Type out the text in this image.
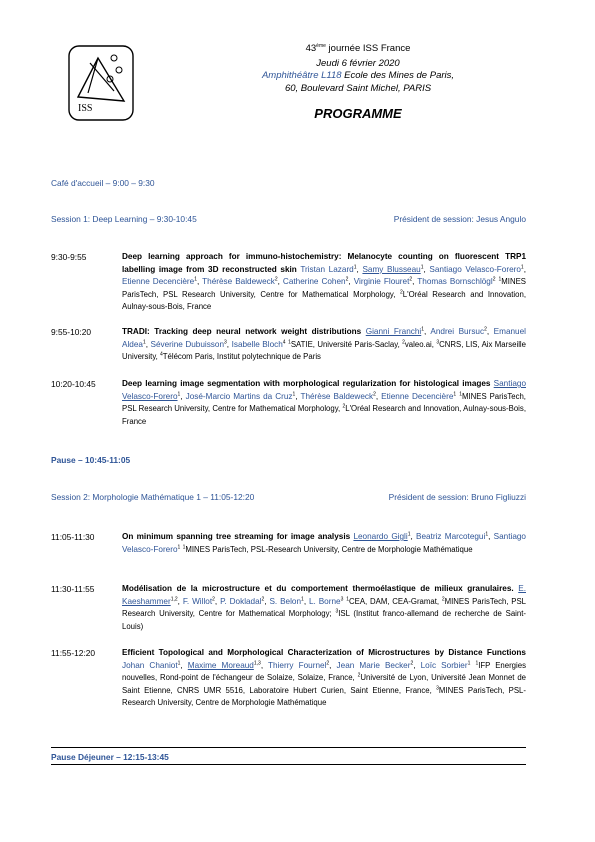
ISS
43ème journée ISS France
Jeudi 6 février 2020
Amphithéâtre L118 Ecole des Mines de Paris,
60, Boulevard Saint Michel, PARIS
PROGRAMME
Café d'accueil – 9:00 – 9:30
Session 1: Deep Learning – 9:30-10:45	Président de session: Jesus Angulo
9:30-9:55	Deep learning approach for immuno-histochemistry: Melanocyte counting on fluorescent TRP1 labelling image from 3D reconstructed skin Tristan Lazard$^1$, Samy Blusseau$^1$, Santiago Velasco-Forero$^1$, Etienne Decencière$^1$, Thérèse Baldeweck$^2$, Catherine Cohen$^2$, Virginie Flouret$^2$, Thomas Bornschlögl$^2$ $^1$MINES ParisTech, PSL Research University, Centre for Mathematical Morphology, $^2$L'Oréal Research and Innovation, Aulnay-sous-Bois, France
9:55-10:20	TRADI: Tracking deep neural network weight distributions Gianni Franchi$^1$, Andrei Bursuc$^2$, Emanuel Aldea$^1$, Séverine Dubuisson$^3$, Isabelle Bloch$^4$ $^1$SATIE, Université Paris-Saclay, $^2$valeo.ai, $^3$CNRS, LIS, Aix Marseille University, $^4$Télécom Paris, Institut polytechnique de Paris
10:20-10:45	Deep learning image segmentation with morphological regularization for histological images Santiago Velasco-Forero$^1$, José-Marcio Martins da Cruz$^1$, Thérèse Baldeweck$^2$, Etienne Decencière$^1$ $^1$MINES ParisTech, PSL Research University, Centre for Mathematical Morphology, $^2$L'Oréal Research and Innovation, Aulnay-sous-Bois, France
Pause – 10:45-11:05
Session 2: Morphologie Mathématique 1 – 11:05-12:20	Président de session: Bruno Figliuzzi
11:05-11:30	On minimum spanning tree streaming for image analysis Leonardo Gigli$^1$, Beatriz Marcotegui$^1$, Santiago Velasco-Forero$^1$ $^1$MINES ParisTech, PSL-Research University, Centre de Morphologie Mathématique
11:30-11:55	Modélisation de la microstructure et du comportement thermoélastique de milieux granulaires. E. Kaeshammer$^{1,2}$, F. Willot$^2$, P. Dokladal$^2$, S. Belon$^1$, L. Borne$^3$ $^1$CEA, DAM, CEA-Gramat, $^2$MINES ParisTech, PSL Research University, Centre for Mathematical Morphology; $^3$ISL (Institut franco-allemand de recherche de Saint-Louis)
11:55-12:20	Efficient Topological and Morphological Characterization of Microstructures by Distance Functions Johan Chaniot$^1$, Maxime Moreaud$^{1,3}$, Thierry Fournel$^2$, Jean Marie Becker$^2$, Loïc Sorbier$^1$ $^1$IFP Energies nouvelles, Rond-point de l'échangeur de Solaize, Solaize, France, $^2$Université de Lyon, Université Jean Monnet de Saint Etienne, CNRS UMR 5516, Laboratoire Hubert Curien, Saint Etienne, France, $^3$MINES ParisTech, PSL-Research University, Centre de Morphologie Mathématique
Pause Déjeuner – 12:15-13:45
